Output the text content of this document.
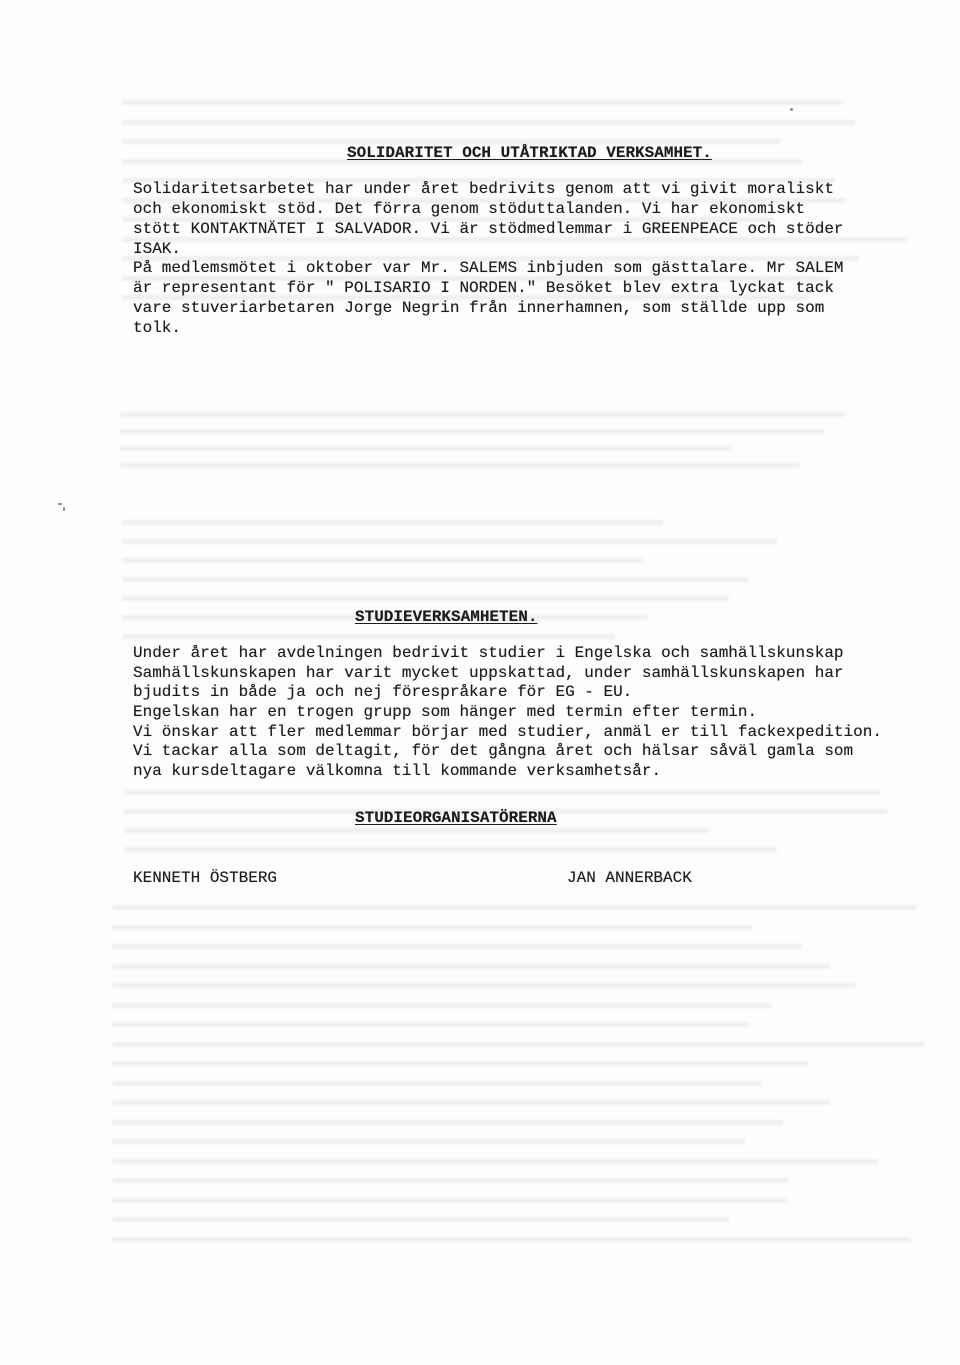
SOLIDARITET OCH UTÅTRIKTAD VERKSAMHET.
Solidaritetsarbetet har under året bedrivits genom att vi givit moraliskt
och ekonomiskt stöd. Det förra genom stöduttalanden. Vi har ekonomiskt
stött KONTAKTNÄTET I SALVADOR. Vi är stödmedlemmar i GREENPEACE och stöder
ISAK.
På medlemsmötet i oktober var Mr. SALEMS inbjuden som gästtalare. Mr SALEM
är representant för " POLISARIO I NORDEN." Besöket blev extra lyckat tack
vare stuveriarbetaren Jorge Negrin från innerhamnen, som ställde upp som
tolk.
STUDIEVERKSAMHETEN.
Under året har avdelningen bedrivit studier i Engelska och samhällskunskap
Samhällskunskapen har varit mycket uppskattad, under samhällskunskapen har
bjudits in både ja och nej förespråkare för EG - EU.
Engelskan har en trogen grupp som hänger med termin efter termin.
Vi önskar att fler medlemmar börjar med studier, anmäl er till fackexpedition.
Vi tackar alla som deltagit, för det gångna året och hälsar såväl gamla som
nya kursdeltagare välkomna till kommande verksamhetsår.
STUDIEORGANISATÖRERNA
KENNETH ÖSTBERG	JAN ANNERBACK
